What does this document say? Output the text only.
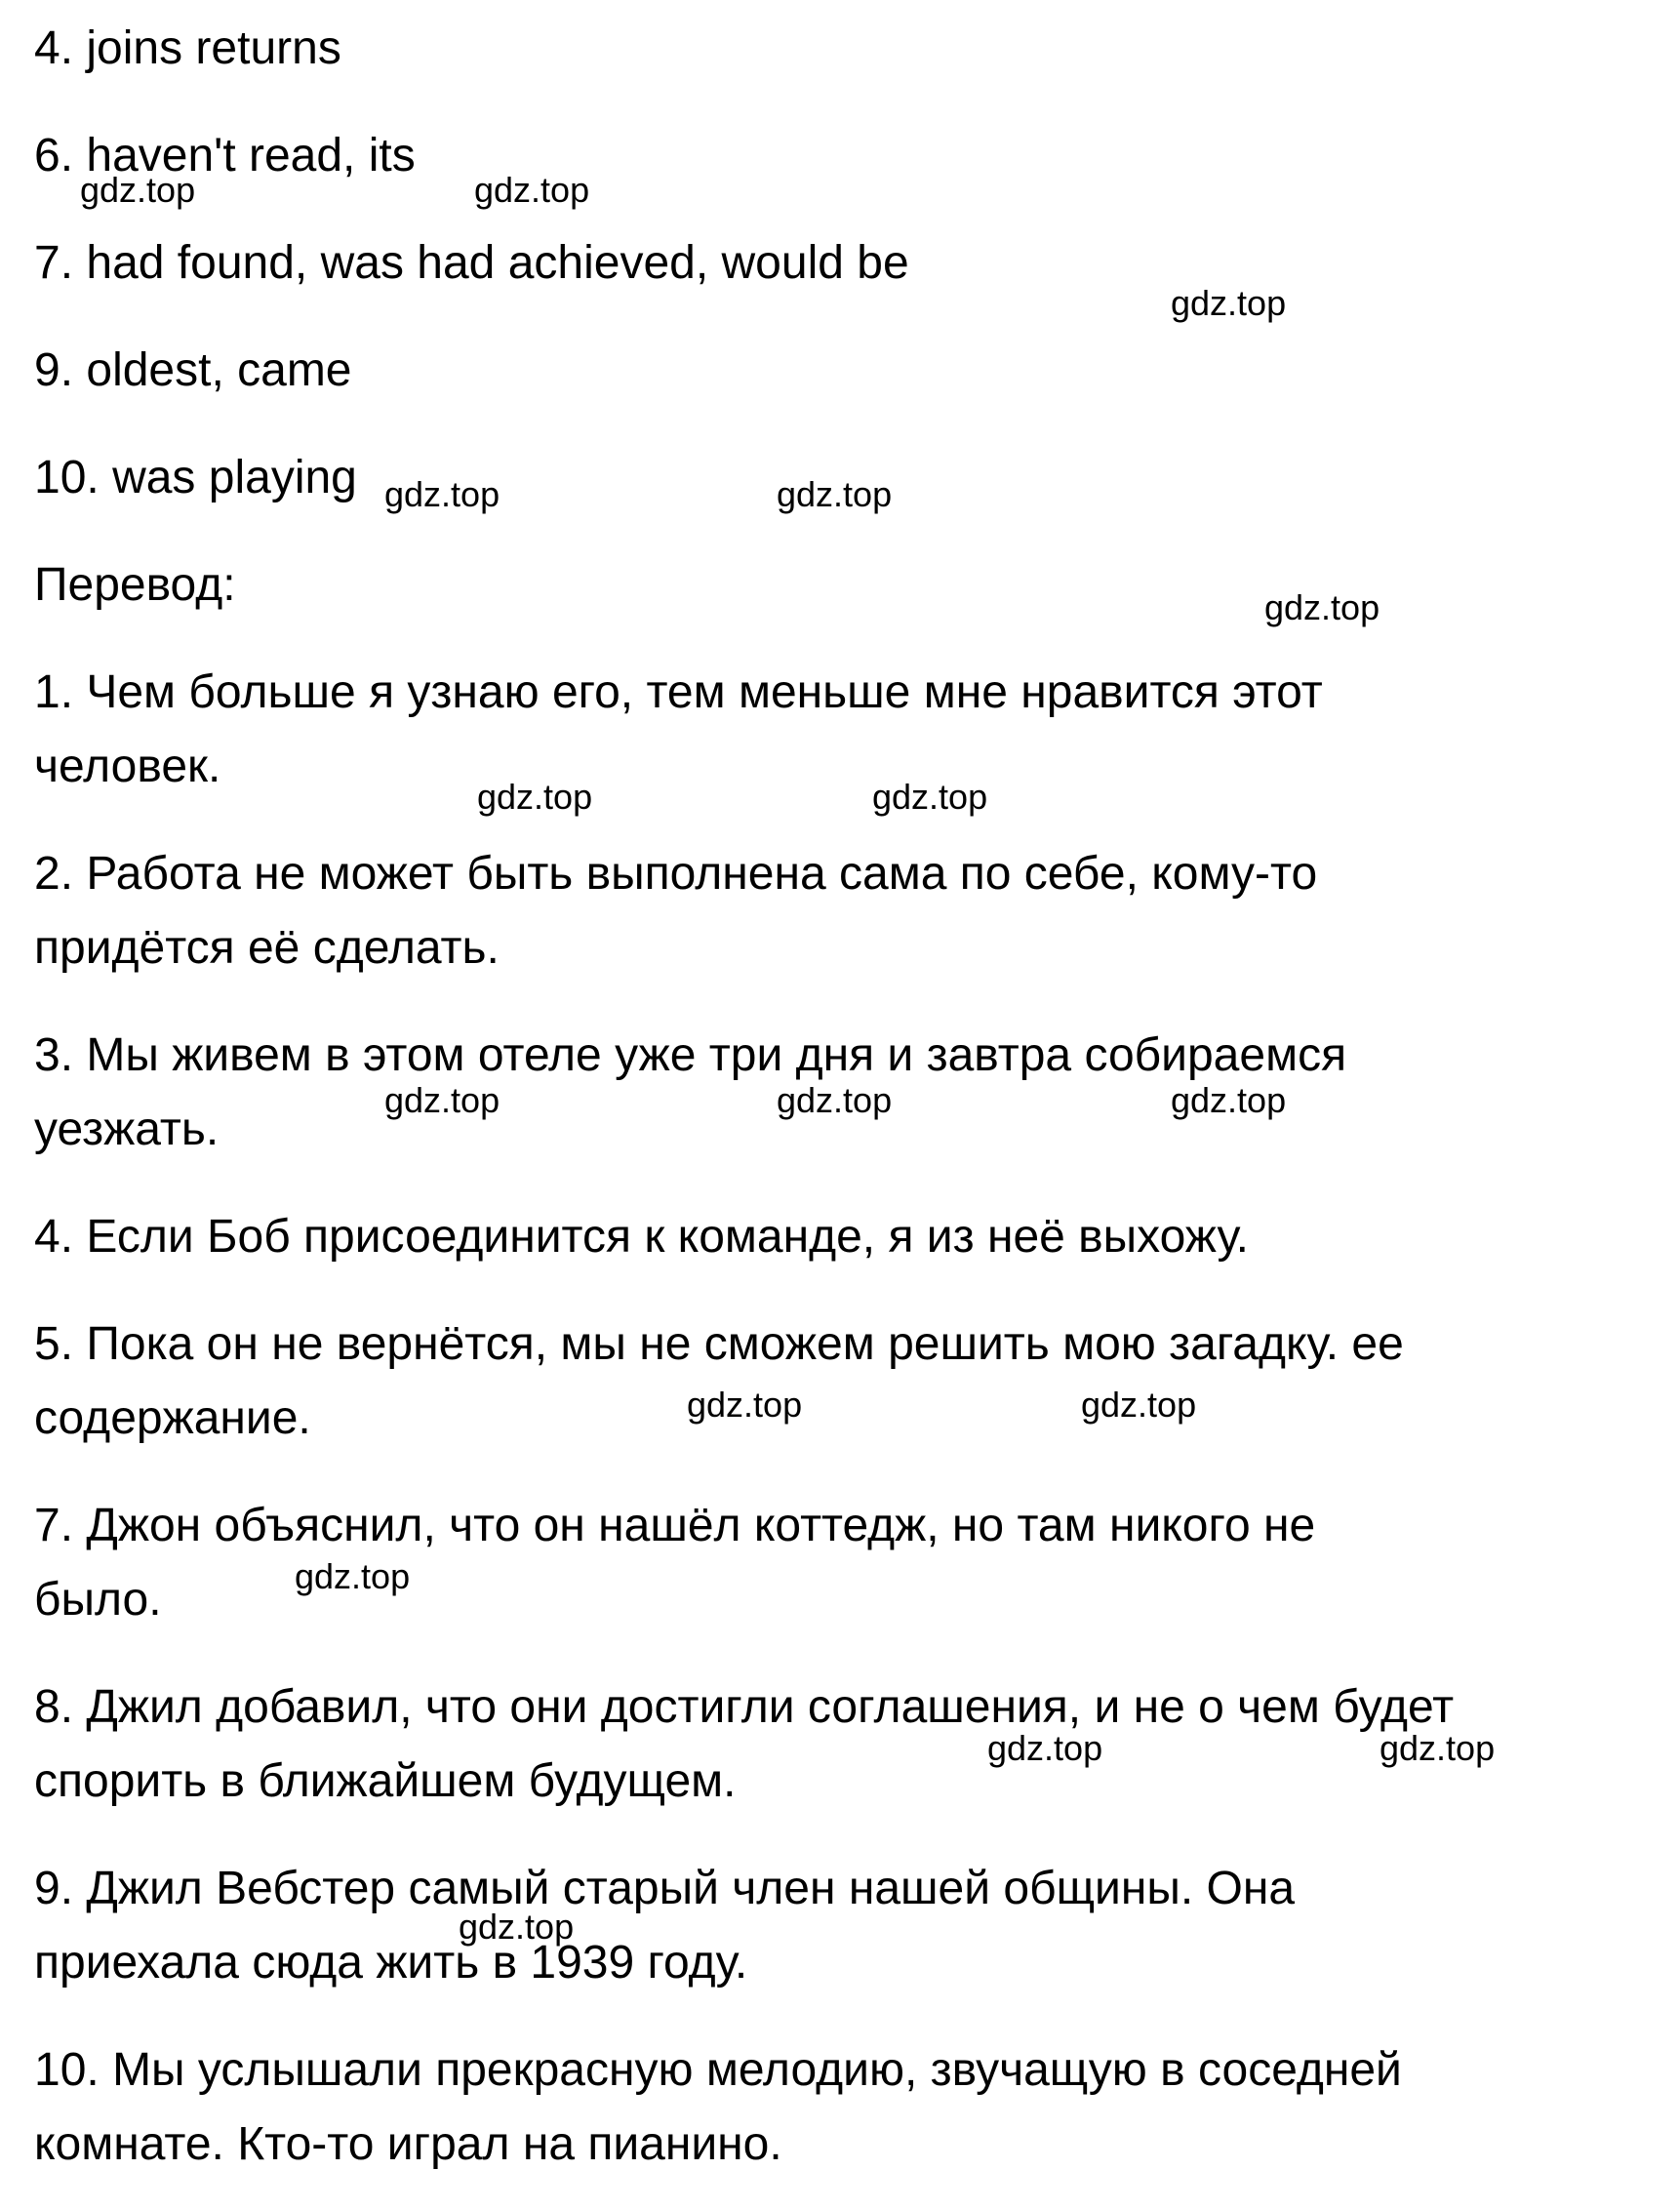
4. joins returns

6. haven't read, its

7. had found, was had achieved, would be

9. oldest, came

10. was playing

Перевод:

1. Чем больше я узнаю его, тем меньше мне нравится этот

человек.

2. Работа не может быть выполнена сама по себе, кому-то

придётся её сделать.

3. Мы живем в этом отеле уже три дня и завтра собираемся

уезжать.

4. Если Боб присоединится к команде, я из неё выхожу.

5. Пока он не вернётся, мы не сможем решить мою загадку. ее

содержание.

7. Джон объяснил, что он нашёл коттедж, но там никого не

было.

8. Джил добавил, что они достигли соглашения, и не о чем будет

спорить в ближайшем будущем.

9. Джил Вебстер самый старый член нашей общины. Она

приехала сюда жить в 1939 году.

10. Мы услышали прекрасную мелодию, звучащую в соседней

комнате. Кто-то играл на пианино.

gdz.top	gdz.top
gdz.top
gdz.top	gdz.top
gdz.top
gdz.top	gdz.top
gdz.top	gdz.top	gdz.top
gdz.top	gdz.top
gdz.top
gdz.top	gdz.top
gdz.top
